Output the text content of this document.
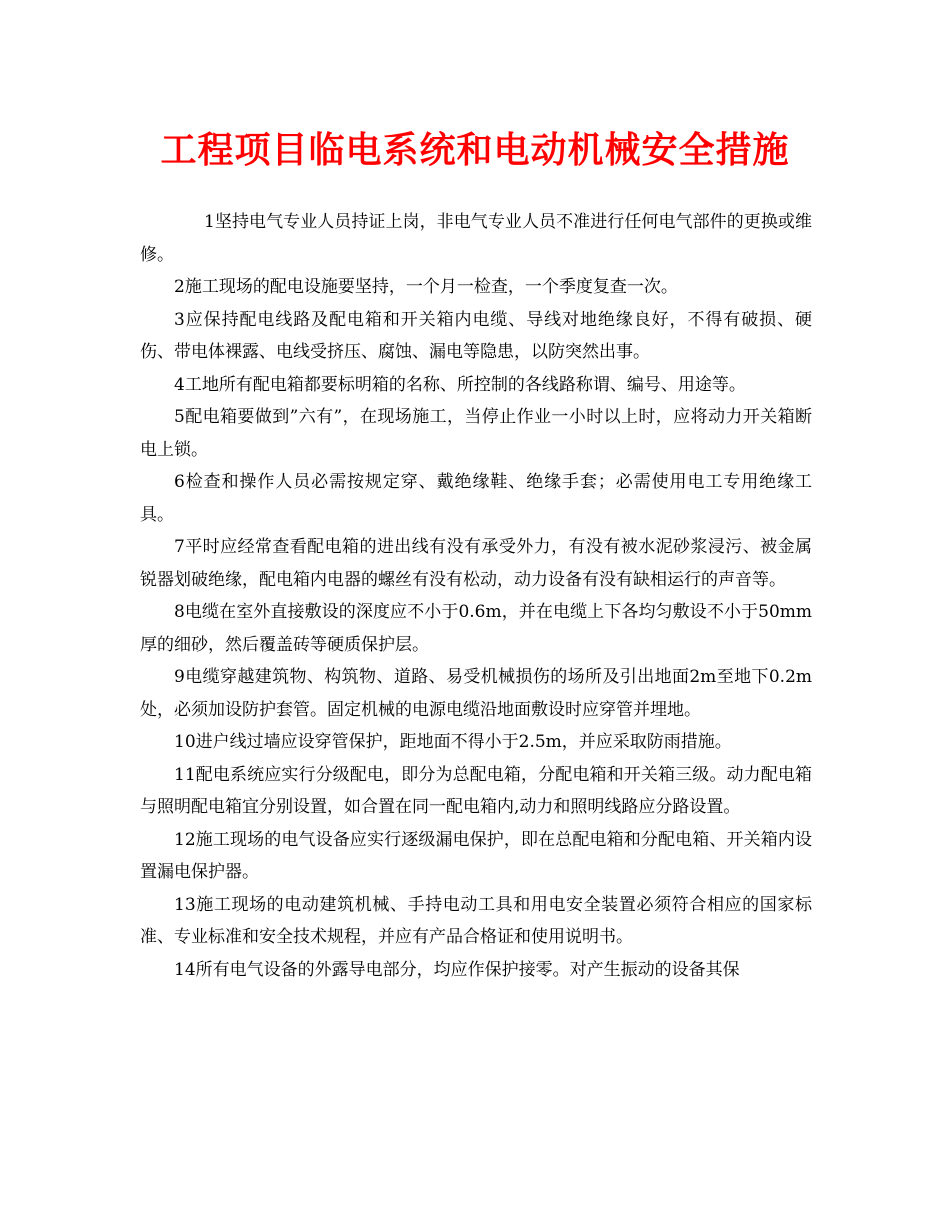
工程项目临电系统和电动机械安全措施

1坚持电气专业人员持证上岗，非电气专业人员不准进行任何电气部件的更换或维修。

2施工现场的配电设施要坚持，一个月一检查，一个季度复查一次。

3应保持配电线路及配电箱和开关箱内电缆、导线对地绝缘良好，不得有破损、硬伤、带电体裸露、电线受挤压、腐蚀、漏电等隐患，以防突然出事。

4工地所有配电箱都要标明箱的名称、所控制的各线路称谓、编号、用途等。

5配电箱要做到”六有”，在现场施工，当停止作业一小时以上时，应将动力开关箱断电上锁。

6检查和操作人员必需按规定穿、戴绝缘鞋、绝缘手套；必需使用电工专用绝缘工具。

7平时应经常查看配电箱的进出线有没有承受外力，有没有被水泥砂浆浸污、被金属锐器划破绝缘，配电箱内电器的螺丝有没有松动，动力设备有没有缺相运行的声音等。

8电缆在室外直接敷设的深度应不小于0.6m，并在电缆上下各均匀敷设不小于50mm厚的细砂，然后覆盖砖等硬质保护层。

9电缆穿越建筑物、构筑物、道路、易受机械损伤的场所及引出地面2m至地下0.2m处，必须加设防护套管。固定机械的电源电缆沿地面敷设时应穿管并埋地。

10进户线过墙应设穿管保护，距地面不得小于2.5m，并应采取防雨措施。

11配电系统应实行分级配电，即分为总配电箱，分配电箱和开关箱三级。动力配电箱与照明配电箱宜分别设置，如合置在同一配电箱内,动力和照明线路应分路设置。

12施工现场的电气设备应实行逐级漏电保护，即在总配电箱和分配电箱、开关箱内设置漏电保护器。

13施工现场的电动建筑机械、手持电动工具和用电安全装置必须符合相应的国家标准、专业标准和安全技术规程，并应有产品合格证和使用说明书。

14所有电气设备的外露导电部分，均应作保护接零。对产生振动的设备其保
